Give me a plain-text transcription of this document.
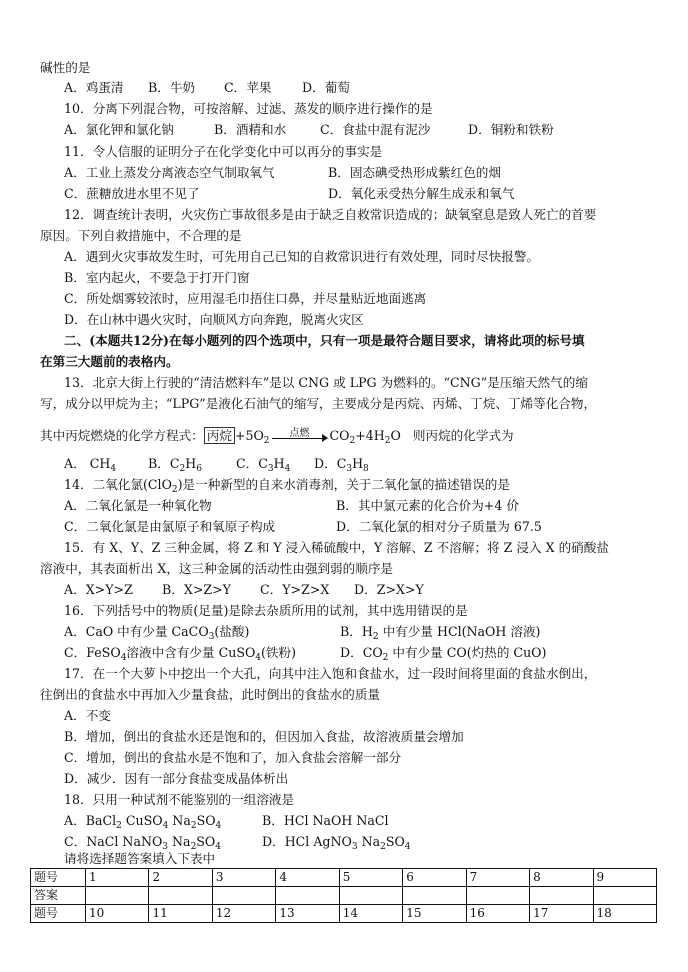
碱性的是
A．鸡蛋清 B．牛奶 C．苹果 D．葡萄
10．分离下列混合物，可按溶解、过滤、蒸发的顺序进行操作的是
A．氯化钾和氯化钠	B．酒精和水	C．食盐中混有泥沙	D．铜粉和铁粉
11．令人信服的证明分子在化学变化中可以再分的事实是
A．工业上蒸发分离液态空气制取氧气	B．固态碘受热形成紫红色的烟
C．蔗糖放进水里不见了	D．氧化汞受热分解生成汞和氧气
12．调查统计表明，火灾伤亡事故很多是由于缺乏自救常识造成的；缺氧窒息是致人死亡的首要
原因。下列自救措施中，不合理的是
A．遇到火灾事故发生时，可先用自己已知的自救常识进行有效处理，同时尽快报警。
B．室内起火，不要急于打开门窗
C．所处烟雾较浓时，应用湿毛巾捂住口鼻，并尽量贴近地面逃离
D．在山林中遇火灾时，向顺风方向奔跑，脱离火灾区
二、(本题共12分)在每小题列的四个选项中，只有一项是最符合题目要求，请将此项的标号填
在第三大题前的表格内。
13．北京大街上行驶的“清洁燃料车”是以 CNG 或 LPG 为燃料的。“CNG”是压缩天然气的缩
写，成分以甲烷为主；“LPG”是液化石油气的缩写，主要成分是丙烷、丙烯、丁烷、丁烯等化合物，
其中丙烷燃烧的化学方程式： 丙烷 $+5O_2$
点燃	$CO_2+4H_2O$ 则丙烷的化学式为
A． $CH_4$	B．$C_2H_6$	C．$C_3H_4$ D．$C_3H_8$
14．二氧化氯(ClO$_2$)是一种新型的自来水消毒剂，关于二氧化氯的描述错误的是
A．二氧化氯是一种氧化物	B．其中氯元素的化合价为+4 价
C．二氧化氯是由氯原子和氧原子构成	D．二氧化氯的相对分子质量为 67.5
15．有 X、Y、Z 三种金属，将 Z 和 Y 浸入稀硫酸中，Y 溶解、Z 不溶解；将 Z 浸入 X 的硝酸盐
溶液中，其表面析出 X，这三种金属的活动性由强到弱的顺序是
A．X>Y>Z B．X>Z>Y C．Y>Z>X D．Z>X>Y
16．下列括号中的物质(足量)是除去杂质所用的试剂，其中选用错误的是
A．CaO 中有少量 CaCO$_3$(盐酸)	B．$H_2$ 中有少量 HCl(NaOH 溶液)
C．FeSO$_4$溶液中含有少量 CuSO$_4$(铁粉)	D．$CO_2$ 中有少量 CO(灼热的 CuO)
17．在一个大萝卜中挖出一个大孔，向其中注入饱和食盐水，过一段时间将里面的食盐水倒出，
往倒出的食盐水中再加入少量食盐，此时倒出的食盐水的质量
A．不变
B．增加，倒出的食盐水还是饱和的，但因加入食盐，故溶液质量会增加
C．增加，倒出的食盐水是不饱和了，加入食盐会溶解一部分
D．减少．因有一部分食盐变成晶体析出
18．只用一种试剂不能鉴别的一组溶液是
A．BaCl$_2$ CuSO$_4$ $Na_2SO_4$	B．HCl NaOH NaCl
C．NaCl NaNO$_3$ $Na_2SO_4$	D．HCl AgNO$_3$ $Na_2SO_4$
请将选择题答案填入下表中
题号	1	2	3	4	5	6	7	8	9
答案									
题号	10	11	12	13	14	15	16	17	18
